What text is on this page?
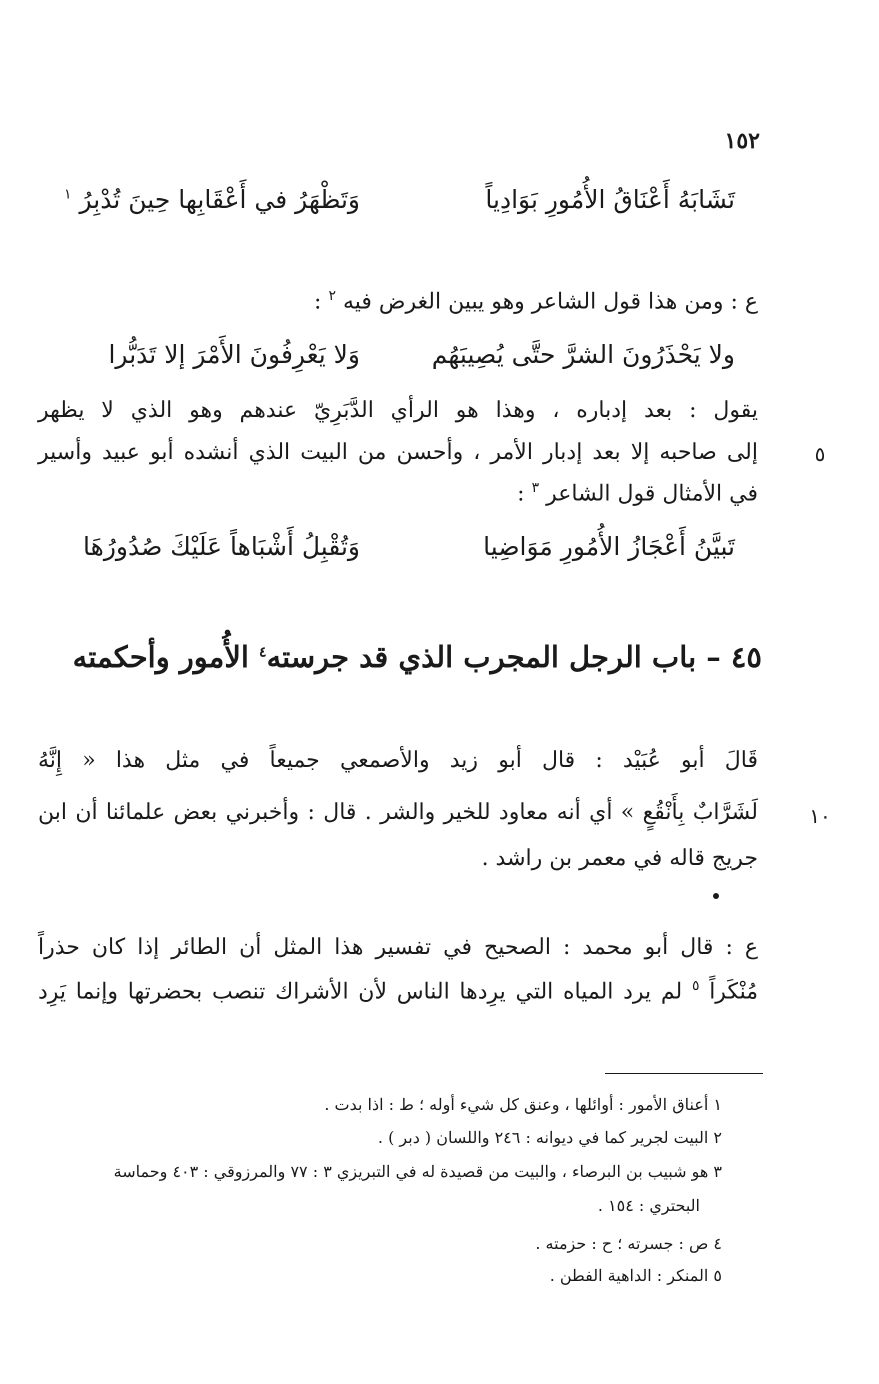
١٥٢
تَشَابَهُ أَعْنَاقُ الأُمُورِ بَوَادِياً
وَتَظْهَرُ في أَعْقَابِها حِينَ تُدْبِرُ $^١$
ع : ومن هذا قول الشاعر وهو يبين الغرض فيه $^٢$ :
ولا يَحْذَرُونَ الشرَّ حتَّى يُصِيبَهُم
وَلا يَعْرِفُونَ الأَمْرَ إلا تَدَبُّرا
يقول : بعد إدباره ، وهذا هو الرأي الدَّبَرِيّ عندهم وهو الذي لا يظهر
إلى صاحبه إلا بعد إدبار الأمر ، وأحسن من البيت الذي أنشده أبو عبيد وأسير	٥
في الأمثال قول الشاعر $^٣$ :
تَبيَّنُ أَعْجَازُ الأُمُورِ مَوَاضِيا
وَتُقْبِلُ أَشْبَاهاً عَلَيْكَ صُدُورُهَا
٤٥ – باب الرجل المجرب الذي قد جرسته$^٤$ الأُمور وأحكمته
قَالَ أبو عُبَيْد : قال أبو زيد والأصمعي جميعاً في مثل هذا « إِنَّهُ
لَشَرَّابٌ بِأَنْقُعٍ » أي أنه معاود للخير والشر . قال : وأخبرني بعض علمائنا أن ابن	١٠
جريج قاله في معمر بن راشد .
ع : قال أبو محمد : الصحيح في تفسير هذا المثل أن الطائر إذا كان حذراً
مُنْكَراً $^٥$ لم يرد المياه التي يرِدها الناس لأن الأشراك تنصب بحضرتها وإنما يَرِد
١ أعناق الأمور : أوائلها ، وعنق كل شيء أوله ؛ ط : اذا بدت .
٢ البيت لجرير كما في ديوانه : ٢٤٦ واللسان ( دبر ) .
٣ هو شبيب بن البرصاء ، والبيت من قصيدة له في التبريزي ٣ : ٧٧ والمرزوقي : ٤٠٣ وحماسة
البحتري : ١٥٤ .
٤ ص : جسرته ؛ ح : حزمته .
٥ المنكر : الداهية الفطن .
